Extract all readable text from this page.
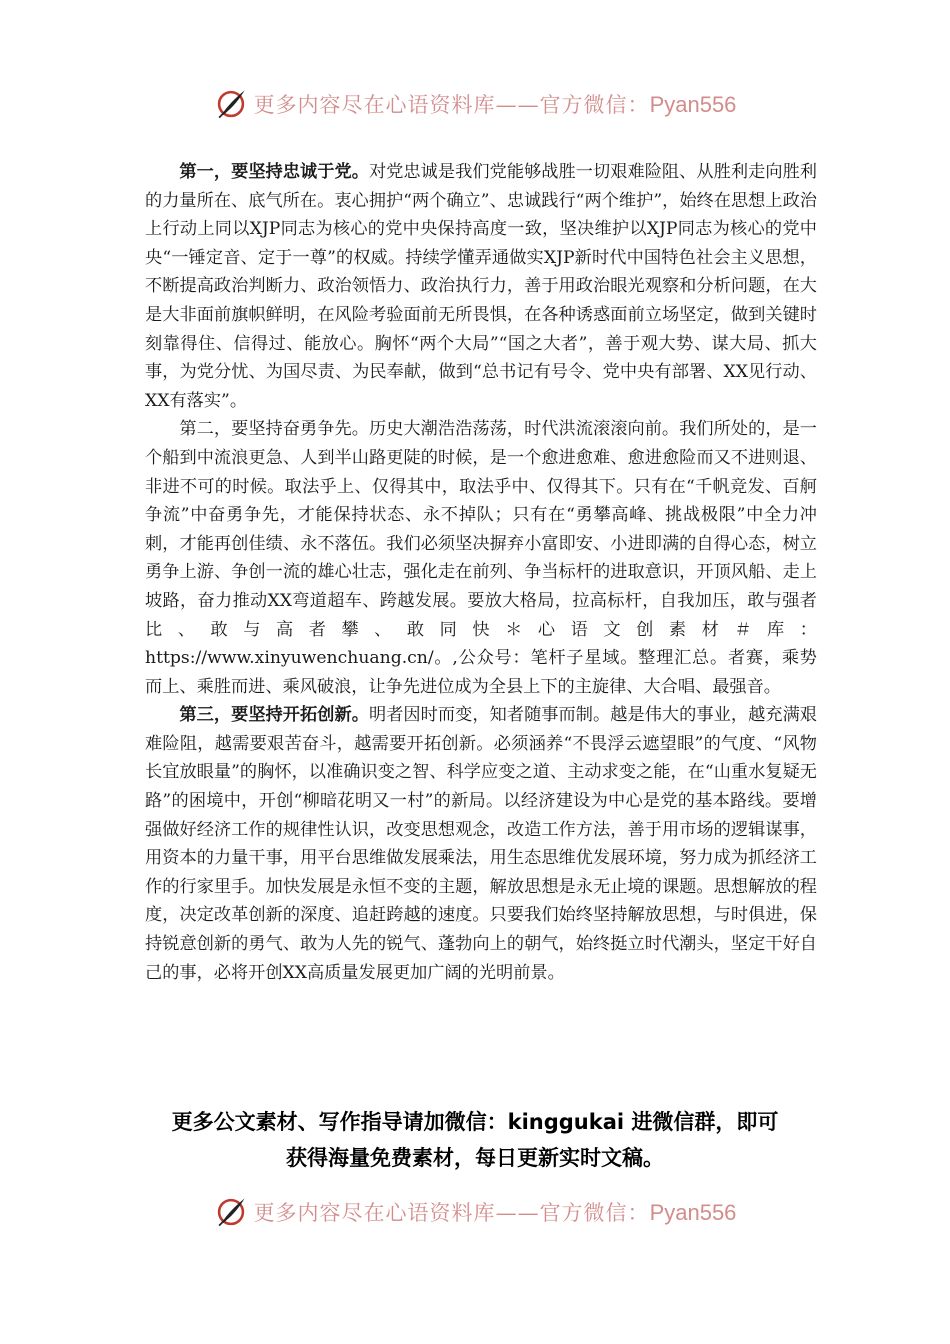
更多内容尽在心语资料库——官方微信：Pyan556

第一，要坚持忠诚于党。对党忠诚是我们党能够战胜一切艰难险阻、从胜利走向胜利的力量所在、底气所在。衷心拥护“两个确立”、忠诚践行“两个维护”，始终在思想上政治上行动上同以XJP同志为核心的党中央保持高度一致，坚决维护以XJP同志为核心的党中央“一锤定音、定于一尊”的权威。持续学懂弄通做实XJP新时代中国特色社会主义思想，不断提高政治判断力、政治领悟力、政治执行力，善于用政治眼光观察和分析问题，在大是大非面前旗帜鲜明，在风险考验面前无所畏惧，在各种诱惑面前立场坚定，做到关键时刻靠得住、信得过、能放心。胸怀“两个大局”“国之大者”，善于观大势、谋大局、抓大事，为党分忧、为国尽责、为民奉献，做到“总书记有号令、党中央有部署、XX见行动、XX有落实”。

第二，要坚持奋勇争先。历史大潮浩浩荡荡，时代洪流滚滚向前。我们所处的，是一个船到中流浪更急、人到半山路更陡的时候，是一个愈进愈难、愈进愈险而又不进则退、非进不可的时候。取法乎上、仅得其中，取法乎中、仅得其下。只有在“千帆竞发、百舸争流”中奋勇争先，才能保持状态、永不掉队；只有在“勇攀高峰、挑战极限”中全力冲刺，才能再创佳绩、永不落伍。我们必须坚决摒弃小富即安、小进即满的自得心态，树立勇争上游、争创一流的雄心壮志，强化走在前列、争当标杆的进取意识，开顶风船、走上坡路，奋力推动XX弯道超车、跨越发展。要放大格局，拉高标杆，自我加压，敢与强者比、敢与高者攀、敢同快＊心语文创素材＃库：https://www.xinyuwenchuang.cn/。,公众号：笔杆子星域。整理汇总。者赛，乘势而上、乘胜而进、乘风破浪，让争先进位成为全县上下的主旋律、大合唱、最强音。

第三，要坚持开拓创新。明者因时而变，知者随事而制。越是伟大的事业，越充满艰难险阻，越需要艰苦奋斗，越需要开拓创新。必须涵养“不畏浮云遮望眼”的气度、“风物长宜放眼量”的胸怀，以准确识变之智、科学应变之道、主动求变之能，在“山重水复疑无路”的困境中，开创“柳暗花明又一村”的新局。以经济建设为中心是党的基本路线。要增强做好经济工作的规律性认识，改变思想观念，改造工作方法，善于用市场的逻辑谋事，用资本的力量干事，用平台思维做发展乘法，用生态思维优发展环境，努力成为抓经济工作的行家里手。加快发展是永恒不变的主题，解放思想是永无止境的课题。思想解放的程度，决定改革创新的深度、追赶跨越的速度。只要我们始终坚持解放思想，与时俱进，保持锐意创新的勇气、敢为人先的锐气、蓬勃向上的朝气，始终挺立时代潮头，坚定干好自己的事，必将开创XX高质量发展更加广阔的光明前景。

更多公文素材、写作指导请加微信：kinggukai 进微信群，即可
获得海量免费素材，每日更新实时文稿。
更多内容尽在心语资料库——官方微信：Pyan556
